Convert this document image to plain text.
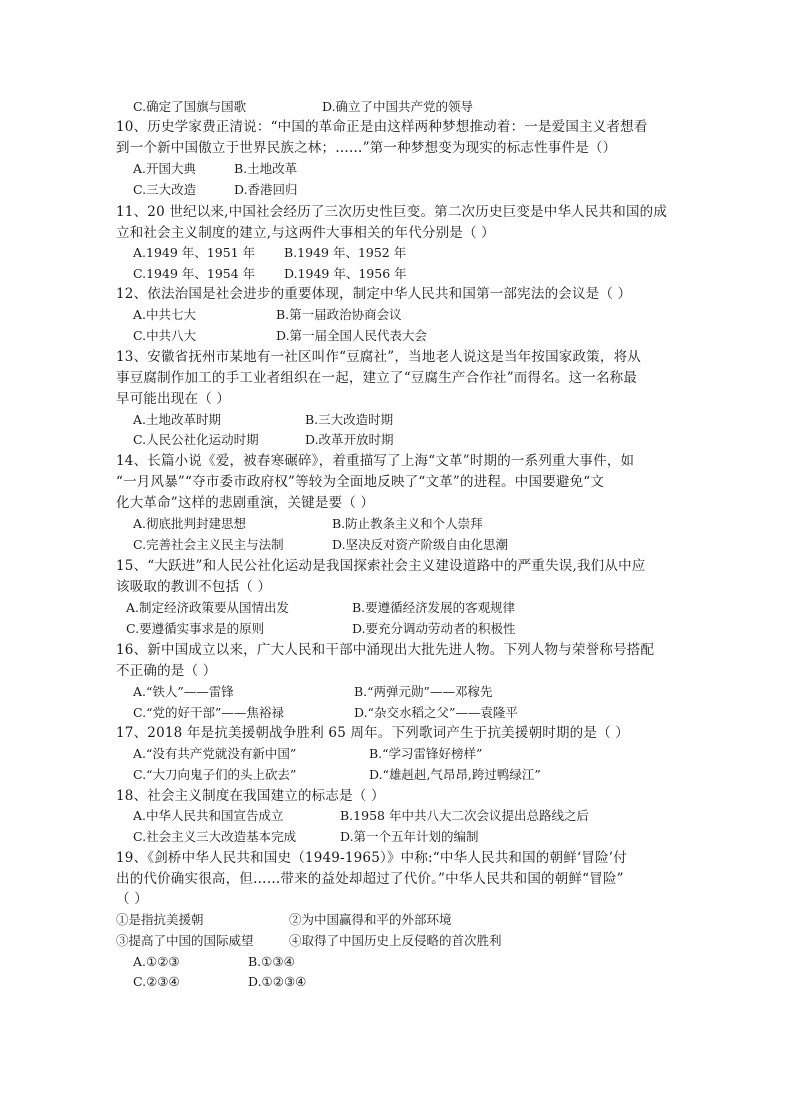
C.确定了国旗与国歌	D.确立了中国共产党的领导
10、历史学家费正清说：“中国的革命正是由这样两种梦想推动着：一是爱国主义者想看
到一个新中国傲立于世界民族之林；……”第一种梦想变为现实的标志性事件是（）
A.开国大典	B.土地改革
C.三大改造	D.香港回归
11、20 世纪以来,中国社会经历了三次历史性巨变。第二次历史巨变是中华人民共和国的成
立和社会主义制度的建立,与这两件大事相关的年代分别是（ ）
A.1949 年、1951 年 B.1949 年、1952 年
C.1949 年、1954 年 D.1949 年、1956 年
12、依法治国是社会进步的重要体现，制定中华人民共和国第一部宪法的会议是（ ）
A.中共七大	B.第一届政治协商会议
C.中共八大	D.第一届全国人民代表大会
13、安徽省抚州市某地有一社区叫作“豆腐社”，当地老人说这是当年按国家政策，将从
事豆腐制作加工的手工业者组织在一起，建立了“豆腐生产合作社”而得名。这一名称最
早可能出现在（ ）
A.土地改革时期	B.三大改造时期
C.人民公社化运动时期	D.改革开放时期
14、长篇小说《爱，被春寒碾碎》，着重描写了上海“文革”时期的一系列重大事件，如
“一月风暴”“夺市委市政府权”等较为全面地反映了“文革”的进程。中国要避免“文
化大革命”这样的悲剧重演，关键是要（ ）
A.彻底批判封建思想	B.防止教条主义和个人崇拜
C.完善社会主义民主与法制	D.坚决反对资产阶级自由化思潮
15、“大跃进”和人民公社化运动是我国探索社会主义建设道路中的严重失误,我们从中应
该吸取的教训不包括（ ）
A.制定经济政策要从国情出发	B.要遵循经济发展的客观规律
C.要遵循实事求是的原则	D.要充分调动劳动者的积极性
16、新中国成立以来，广大人民和干部中涌现出大批先进人物。下列人物与荣誉称号搭配
不正确的是（ ）
A.“铁人”——雷锋	B.“两弹元勋”——邓稼先
C.“党的好干部”——焦裕禄	D.“杂交水稻之父”——袁隆平
17、2018 年是抗美援朝战争胜利 65 周年。下列歌词产生于抗美援朝时期的是（ ）
A.“没有共产党就没有新中国”	B.“学习雷锋好榜样”
C.“大刀向鬼子们的头上砍去”	D.“雄赳赳,气昂昂,跨过鸭绿江”
18、社会主义制度在我国建立的标志是（ ）
A.中华人民共和国宣告成立	B.1958 年中共八大二次会议提出总路线之后
C.社会主义三大改造基本完成	D.第一个五年计划的编制
19、《剑桥中华人民共和国史（1949-1965）》中称:“中华人民共和国的朝鲜‘冒险’付
出的代价确实很高，但……带来的益处却超过了代价。”中华人民共和国的朝鲜“冒险”
（ ）
①是指抗美援朝	②为中国赢得和平的外部环境
③提高了中国的国际威望	④取得了中国历史上反侵略的首次胜利
A.①②③	B.①③④
C.②③④	D.①②③④
